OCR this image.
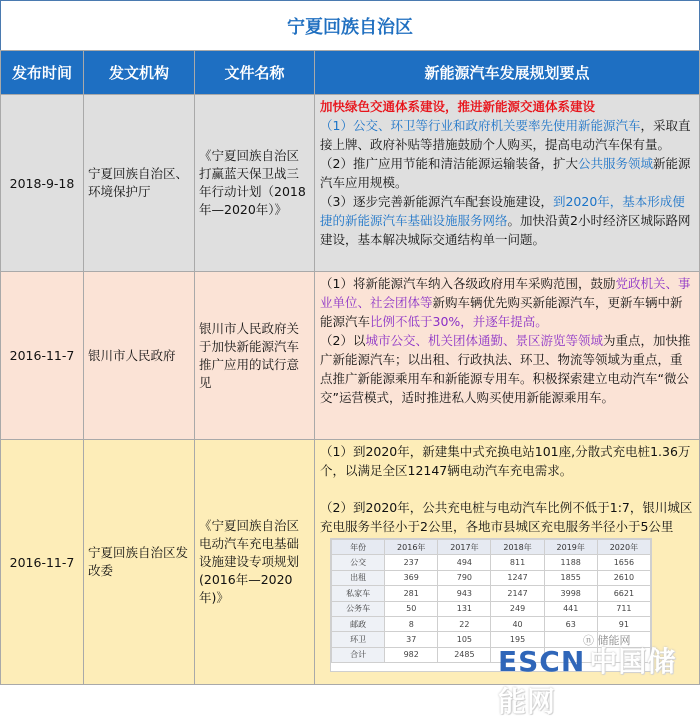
宁夏回族自治区
发布时间	发文机构	文件名称	新能源汽车发展规划要点
2018-9-18	宁夏回族自治区、环境保护厅	《宁夏回族自治区打赢蓝天保卫战三年行动计划（2018年—2020年）》	加快绿色交通体系建设，推进新能源交通体系建设

（1）公交、环卫等行业和政府机关要率先使用新能源汽车，采取直接上牌、政府补贴等措施鼓励个人购买，提高电动汽车保有量。

（2）推广应用节能和清洁能源运输装备，扩大公共服务领域新能源汽车应用规模。

（3）逐步完善新能源汽车配套设施建设，到2020年，基本形成便捷的新能源汽车基础设施服务网络。加快沿黄2小时经济区城际路网建设，基本解决城际交通结构单一问题。

2016-11-7	银川市人民政府	银川市人民政府关于加快新能源汽车推广应用的试行意见	（1）将新能源汽车纳入各级政府用车采购范围，鼓励党政机关、事业单位、社会团体等新购车辆优先购买新能源汽车，更新车辆中新能源汽车比例不低于30%，并逐年提高。

（2）以城市公交、机关团体通勤、景区游览等领域为重点，加快推广新能源汽车；以出租、行政执法、环卫、物流等领域为重点，重点推广新能源乘用车和新能源专用车。积极探索建立电动汽车“微公交”运营模式，适时推进私人购买使用新能源乘用车。

2016-11-7	宁夏回族自治区发改委	《宁夏回族自治区电动汽车充电基础设施建设专项规划(2016年—2020年)》	（1）到2020年，新建集中式充换电站101座,分散式充电桩1.36万个，以满足全区12147辆电动汽车充电需求。

（2）到2020年，公共充电桩与电动汽车比例不低于1:7，银川城区充电服务半径小于2公里，各地市县城区充电服务半径小于5公里

年份	2016年	2017年	2018年	2019年	2020年
公交	237	494	811	1188	1656
出租	369	790	1247	1855	2610
私家车	281	943	2147	3998	6621
公务车	50	131	249	441	711
邮政	8	22	40	63	91
环卫	37	105	195		
合计	982	2485			
ⓝ 储能网
ESCN 中国储能网
